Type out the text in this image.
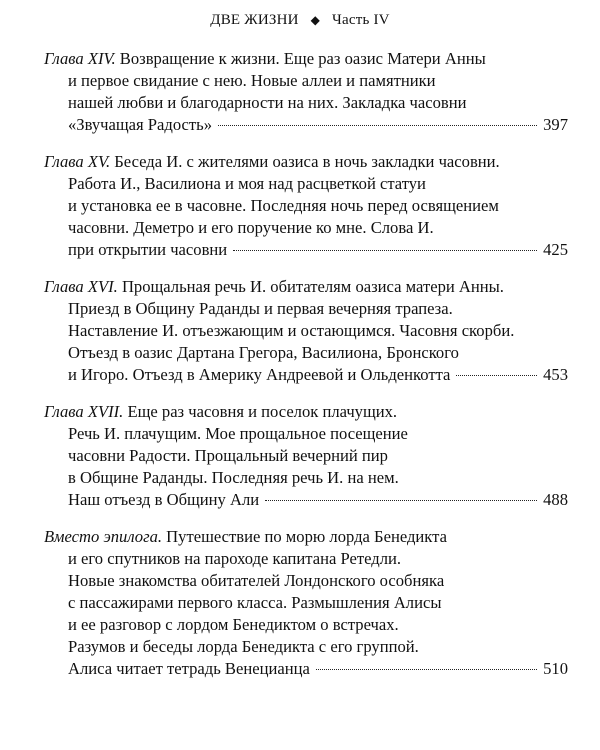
ДВЕ ЖИЗНИ ◆ Часть IV
Глава XIV. Возвращение к жизни. Еще раз оазис Матери Анны
и первое свидание с нею. Новые аллеи и памятники
нашей любви и благодарности на них. Закладка часовни
«Звучащая Радость»	397
Глава XV. Беседа И. с жителями оазиса в ночь закладки часовни.
Работа И., Василиона и моя над расцветкой статуи
и установка ее в часовне. Последняя ночь перед освящением
часовни. Деметро и его поручение ко мне. Слова И.
при открытии часовни	425
Глава XVI. Прощальная речь И. обитателям оазиса матери Анны.
Приезд в Общину Раданды и первая вечерняя трапеза.
Наставление И. отъезжающим и остающимся. Часовня скорби.
Отъезд в оазис Дартана Грегора, Василиона, Бронского
и Игоро. Отъезд в Америку Андреевой и Ольденкотта	453
Глава XVII. Еще раз часовня и поселок плачущих.
Речь И. плачущим. Мое прощальное посещение
часовни Радости. Прощальный вечерний пир
в Общине Раданды. Последняя речь И. на нем.
Наш отъезд в Общину Али	488
Вместо эпилога. Путешествие по морю лорда Бенедикта
и его спутников на пароходе капитана Ретедли.
Новые знакомства обитателей Лондонского особняка
с пассажирами первого класса. Размышления Алисы
и ее разговор с лордом Бенедиктом о встречах.
Разумов и беседы лорда Бенедикта с его группой.
Алиса читает тетрадь Венецианца	510
